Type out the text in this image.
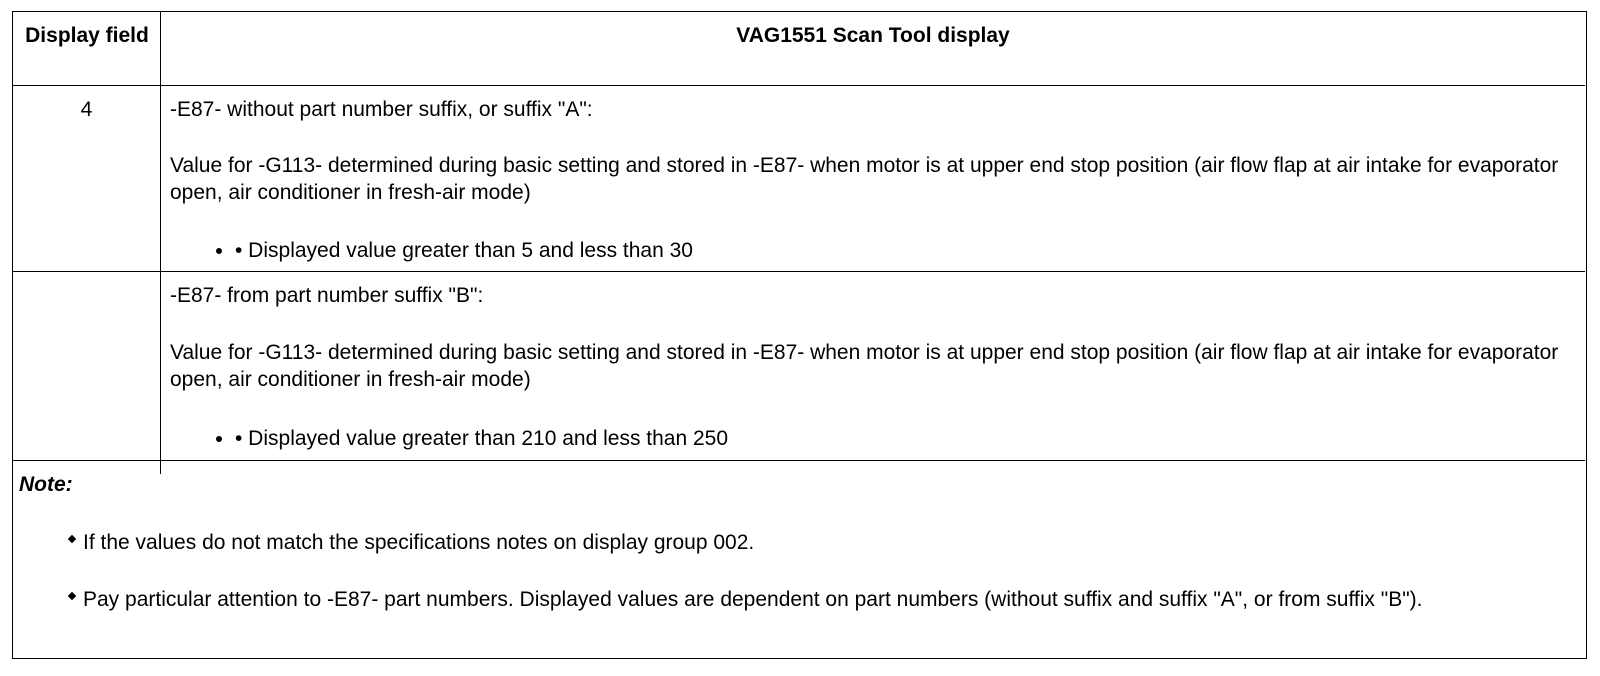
Display field	VAG1551 Scan Tool display
4	-E87- without part number suffix, or suffix "A":
Value for -G113- determined during basic setting and stored in -E87- when motor is at upper end stop position (air flow flap at air intake for evaporator open, air conditioner in fresh-air mode)
• Displayed value greater than 5 and less than 30
-E87- from part number suffix "B":
Value for -G113- determined during basic setting and stored in -E87- when motor is at upper end stop position (air flow flap at air intake for evaporator open, air conditioner in fresh-air mode)
• Displayed value greater than 210 and less than 250
Note:
If the values do not match the specifications notes on display group 002.
Pay particular attention to -E87- part numbers. Displayed values are dependent on part numbers (without suffix and suffix "A", or from suffix "B").
